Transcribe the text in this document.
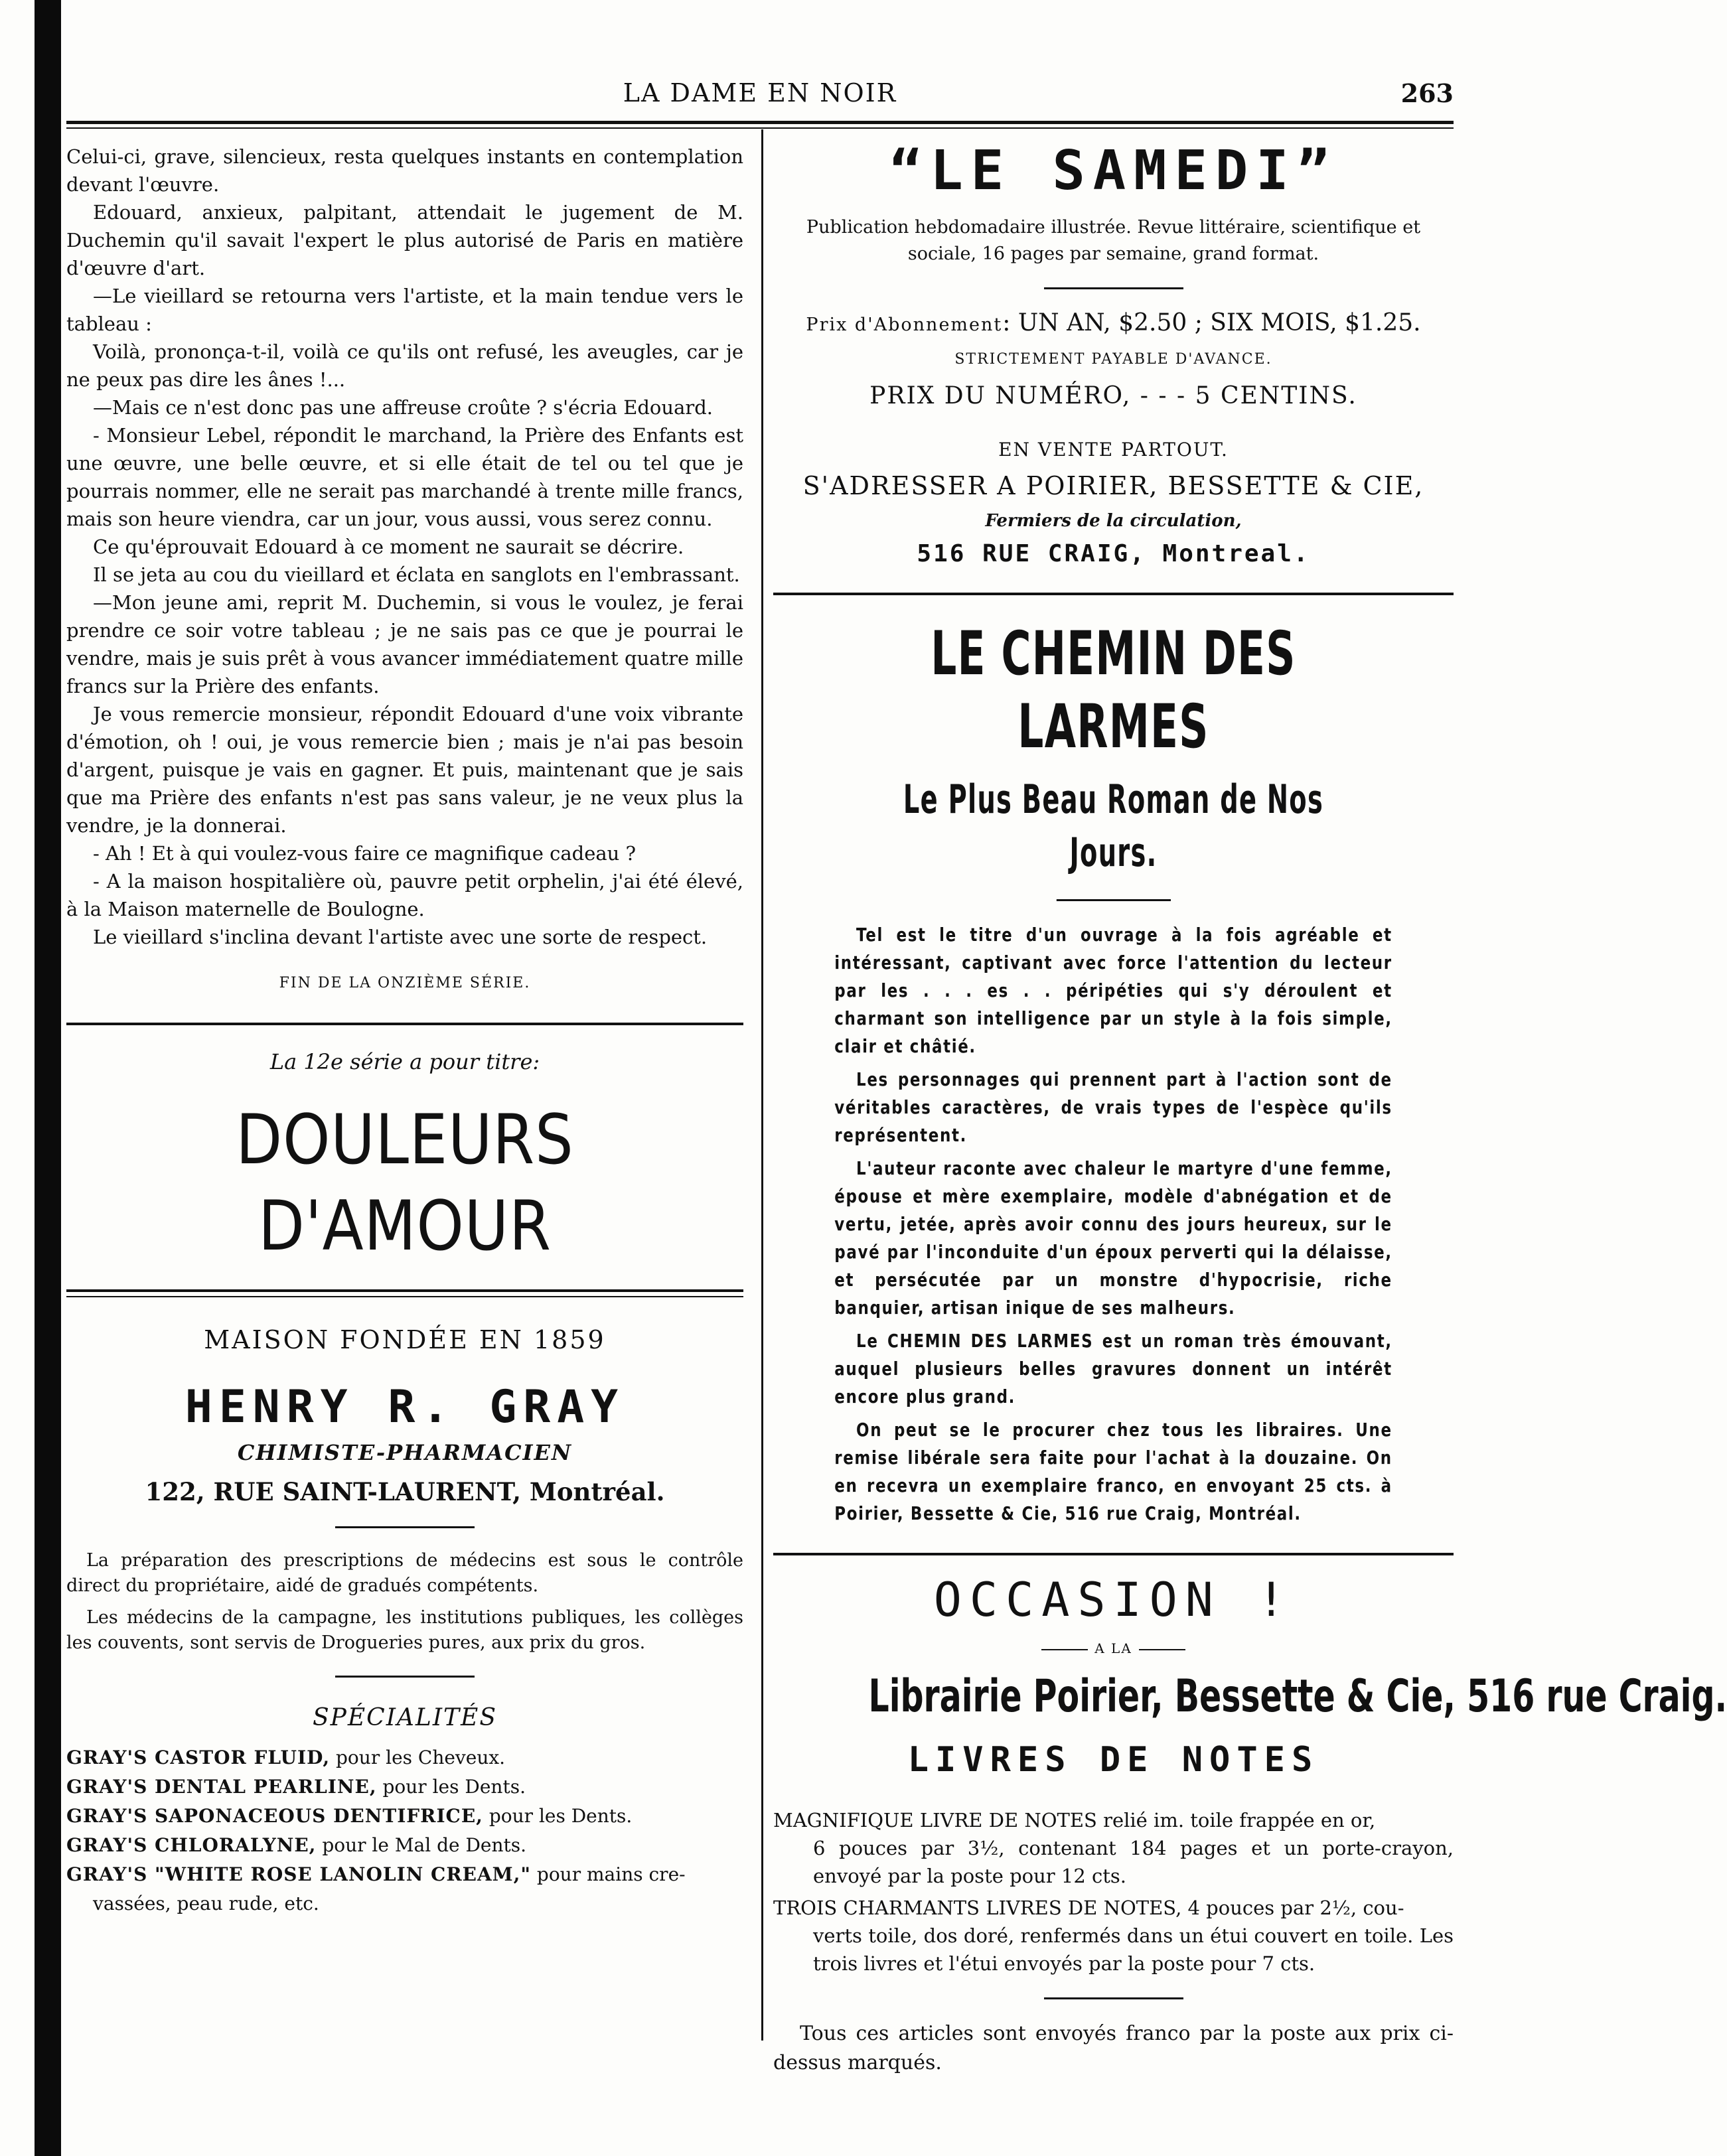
LA DAME EN NOIR	263

Celui-ci, grave, silencieux, resta quelques instants en contemplation devant l'œuvre.

Edouard, anxieux, palpitant, attendait le jugement de M. Duchemin qu'il savait l'expert le plus autorisé de Paris en matière d'œuvre d'art.

—Le vieillard se retourna vers l'artiste, et la main tendue vers le tableau :

Voilà, prononça-t-il, voilà ce qu'ils ont refusé, les aveugles, car je ne peux pas dire les ânes !...

—Mais ce n'est donc pas une affreuse croûte ? s'écria Edouard.

- Monsieur Lebel, répondit le marchand, la Prière des Enfants est une œuvre, une belle œuvre, et si elle était de tel ou tel que je pourrais nommer, elle ne serait pas marchandé à trente mille francs, mais son heure viendra, car un jour, vous aussi, vous serez connu.

Ce qu'éprouvait Edouard à ce moment ne saurait se décrire.

Il se jeta au cou du vieillard et éclata en sanglots en l'embrassant.

—Mon jeune ami, reprit M. Duchemin, si vous le voulez, je ferai prendre ce soir votre tableau ; je ne sais pas ce que je pourrai le vendre, mais je suis prêt à vous avancer immédiatement quatre mille francs sur la Prière des enfants.

Je vous remercie monsieur, répondit Edouard d'une voix vibrante d'émotion, oh ! oui, je vous remercie bien ; mais je n'ai pas besoin d'argent, puisque je vais en gagner. Et puis, maintenant que je sais que ma Prière des enfants n'est pas sans valeur, je ne veux plus la vendre, je la donnerai.

- Ah ! Et à qui voulez-vous faire ce magnifique cadeau ?

- A la maison hospitalière où, pauvre petit orphelin, j'ai été élevé, à la Maison maternelle de Boulogne.

Le vieillard s'inclina devant l'artiste avec une sorte de respect.

FIN DE LA ONZIÈME SÉRIE.

La 12e série a pour titre:
DOULEURS D'AMOUR
MAISON FONDÉE EN 1859
HENRY R. GRAY
CHIMISTE-PHARMACIEN
122, RUE SAINT-LAURENT, Montréal.

La préparation des prescriptions de médecins est sous le contrôle direct du propriétaire, aidé de gradués compétents.

Les médecins de la campagne, les institutions publiques, les collèges les couvents, sont servis de Drogueries pures, aux prix du gros.

SPÉCIALITÉS
GRAY'S CASTOR FLUID, pour les Cheveux.
GRAY'S DENTAL PEARLINE, pour les Dents.
GRAY'S SAPONACEOUS DENTIFRICE, pour les Dents.
GRAY'S CHLORALYNE, pour le Mal de Dents.
GRAY'S "WHITE ROSE LANOLIN CREAM," pour mains cre-
vassées, peau rude, etc.
“LE SAMEDI”
Publication hebdomadaire illustrée. Revue littéraire, scientifique et sociale, 16 pages par semaine, grand format.
Prix d'Abonnement: UN AN, $2.50 ; SIX MOIS, $1.25.
STRICTEMENT PAYABLE D'AVANCE.
PRIX DU NUMÉRO, - - - 5 CENTINS.
EN VENTE PARTOUT.
S'ADRESSER A POIRIER, BESSETTE & CIE,
Fermiers de la circulation,
516 RUE CRAIG, Montreal.
LE CHEMIN DES LARMES
Le Plus Beau Roman de Nos Jours.

Tel est le titre d'un ouvrage à la fois agréable et intéressant, captivant avec force l'attention du lecteur par les . . . es . . péripéties qui s'y déroulent et charmant son intelligence par un style à la fois simple, clair et châtié.

Les personnages qui prennent part à l'action sont de véritables caractères, de vrais types de l'espèce qu'ils représentent.

L'auteur raconte avec chaleur le martyre d'une femme, épouse et mère exemplaire, modèle d'abnégation et de vertu, jetée, après avoir connu des jours heureux, sur le pavé par l'inconduite d'un époux perverti qui la délaisse, et persécutée par un monstre d'hypocrisie, riche banquier, artisan inique de ses malheurs.

Le CHEMIN DES LARMES est un roman très émouvant, auquel plusieurs belles gravures donnent un intérêt encore plus grand.

On peut se le procurer chez tous les libraires. Une remise libérale sera faite pour l'achat à la douzaine. On en recevra un exemplaire franco, en envoyant 25 cts. à Poirier, Bessette & Cie, 516 rue Craig, Montréal.

OCCASION !
A LA
Librairie Poirier, Bessette & Cie, 516 rue Craig.
LIVRES DE NOTES

MAGNIFIQUE LIVRE DE NOTES relié im. toile frappée en or,
6 pouces par 3½, contenant 184 pages et un porte-crayon, envoyé par la poste pour 12 cts.

TROIS CHARMANTS LIVRES DE NOTES, 4 pouces par 2½, cou-
verts toile, dos doré, renfermés dans un étui couvert en toile. Les trois livres et l'étui envoyés par la poste pour 7 cts.

Tous ces articles sont envoyés franco par la poste aux prix ci-dessus marqués.
